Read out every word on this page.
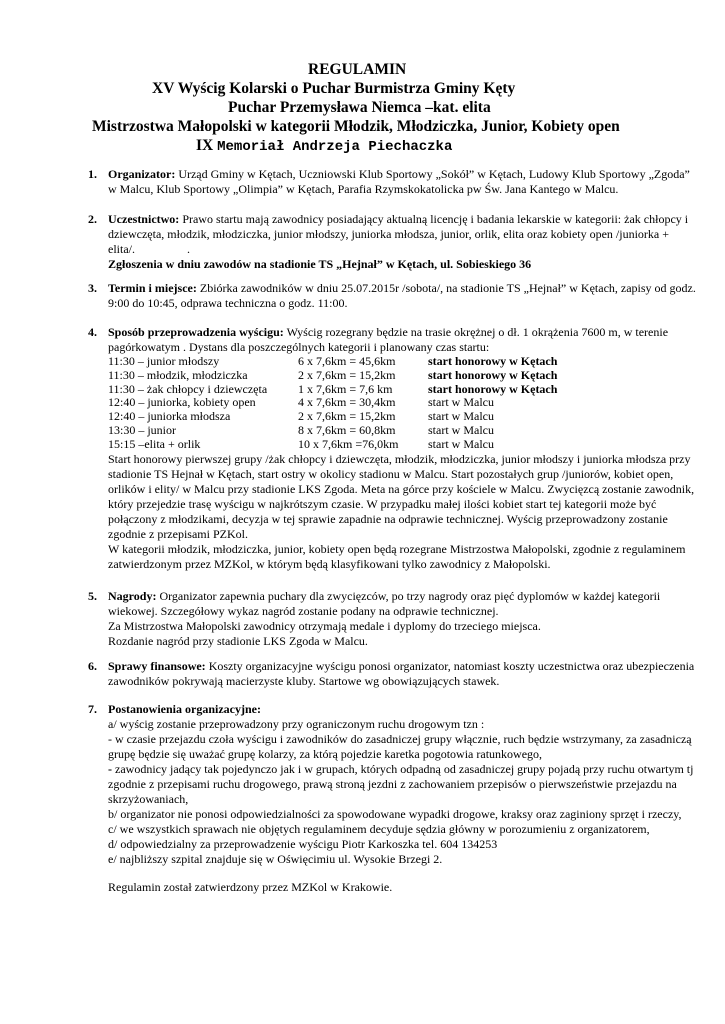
REGULAMIN
XV Wyścig Kolarski o Puchar Burmistrza Gminy Kęty
Puchar Przemysława Niemca –kat. elita
Mistrzostwa Małopolski w kategorii Młodzik, Młodziczka, Junior, Kobiety open
IX Memoriał Andrzeja Piechaczka
1. Organizator: Urząd Gminy w Kętach, Uczniowski Klub Sportowy „Sokół” w Kętach, Ludowy Klub Sportowy „Zgoda” w Malcu, Klub Sportowy „Olimpia” w Kętach, Parafia Rzymskokatolicka pw Św. Jana Kantego w Malcu.
2. Uczestnictwo: Prawo startu mają zawodnicy posiadający aktualną licencję i badania lekarskie w kategorii: żak chłopcy i dziewczęta, młodzik, młodziczka, junior młodszy, juniorka młodsza, junior, orlik, elita oraz kobiety open /juniorka + elita/.	.
Zgłoszenia w dniu zawodów na stadionie TS „Hejnał” w Kętach, ul. Sobieskiego 36
3. Termin i miejsce: Zbiórka zawodników w dniu 25.07.2015r /sobota/, na stadionie TS „Hejnał” w Kętach, zapisy od godz. 9:00 do 10:45, odprawa techniczna o godz. 11:00.
4. Sposób przeprowadzenia wyścigu: Wyścig rozegrany będzie na trasie okrężnej o dł. 1 okrążenia 7600 m, w terenie pagórkowatym . Dystans dla poszczególnych kategorii i planowany czas startu:
11:30 – junior młodszy	6 x 7,6km = 45,6km	start honorowy w Kętach
11:30 – młodzik, młodziczka	2 x 7,6km = 15,2km	start honorowy w Kętach
11:30 – żak chłopcy i dziewczęta	1 x 7,6km = 7,6 km	start honorowy w Kętach
12:40 – juniorka, kobiety open	4 x 7,6km = 30,4km	start w Malcu
12:40 – juniorka młodsza	2 x 7,6km = 15,2km	start w Malcu
13:30 – junior	8 x 7,6km = 60,8km	start w Malcu
15:15 –elita + orlik	10 x 7,6km =76,0km	start w Malcu
Start honorowy pierwszej grupy /żak chłopcy i dziewczęta, młodzik, młodziczka, junior młodszy i juniorka młodsza przy stadionie TS Hejnał w Kętach, start ostry w okolicy stadionu w Malcu. Start pozostałych grup /juniorów, kobiet open, orlików i elity/ w Malcu przy stadionie LKS Zgoda. Meta na górce przy kościele w Malcu. Zwycięzcą zostanie zawodnik, który przejedzie trasę wyścigu w najkrótszym czasie. W przypadku małej ilości kobiet start tej kategorii może być połączony z młodzikami, decyzja w tej sprawie zapadnie na odprawie technicznej. Wyścig przeprowadzony zostanie zgodnie z przepisami PZKol.
W kategorii młodzik, młodziczka, junior, kobiety open będą rozegrane Mistrzostwa Małopolski, zgodnie z regulaminem zatwierdzonym przez MZKol, w którym będą klasyfikowani tylko zawodnicy z Małopolski.
5. Nagrody: Organizator zapewnia puchary dla zwycięzców, po trzy nagrody oraz pięć dyplomów w każdej kategorii wiekowej. Szczegółowy wykaz nagród zostanie podany na odprawie technicznej.
Za Mistrzostwa Małopolski zawodnicy otrzymają medale i dyplomy do trzeciego miejsca.
Rozdanie nagród przy stadionie LKS Zgoda w Malcu.
6. Sprawy finansowe: Koszty organizacyjne wyścigu ponosi organizator, natomiast koszty uczestnictwa oraz ubezpieczenia zawodników pokrywają macierzyste kluby. Startowe wg obowiązujących stawek.
7. Postanowienia organizacyjne:
a/ wyścig zostanie przeprowadzony przy ograniczonym ruchu drogowym tzn :
- w czasie przejazdu czoła wyścigu i zawodników do zasadniczej grupy włącznie, ruch będzie wstrzymany, za zasadniczą grupę będzie się uważać grupę kolarzy, za którą pojedzie karetka pogotowia ratunkowego,
- zawodnicy jadący tak pojedynczo jak i w grupach, których odpadną od zasadniczej grupy pojadą przy ruchu otwartym tj zgodnie z przepisami ruchu drogowego, prawą stroną jezdni z zachowaniem przepisów o pierwszeństwie przejazdu na skrzyżowaniach,
b/ organizator nie ponosi odpowiedzialności za spowodowane wypadki drogowe, kraksy oraz zaginiony sprzęt i rzeczy,
c/ we wszystkich sprawach nie objętych regulaminem decyduje sędzia główny w porozumieniu z organizatorem,
d/ odpowiedzialny za przeprowadzenie wyścigu Piotr Karkoszka tel. 604 134253
e/ najbliższy szpital znajduje się w Oświęcimiu ul. Wysokie Brzegi 2.
Regulamin został zatwierdzony przez MZKol w Krakowie.
